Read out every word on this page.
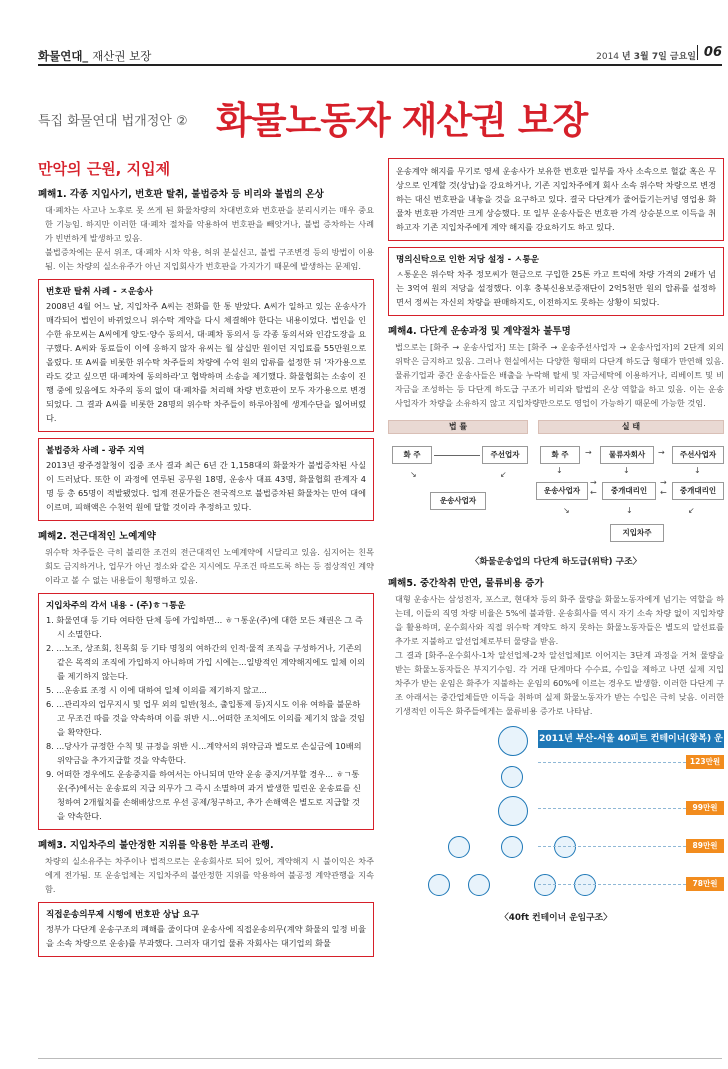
화물연대_ 재산권 보장	2014 년 3월 7일 금요일 06
특집 화물연대 법개정안 ② 화물노동자 재산권 보장
만악의 근원, 지입제
폐해1. 각종 지입사기, 번호판 탈취, 불법증차 등 비리와 불법의 온상
대·폐차는 사고나 노후로 못 쓰게 된 화물차량의 차대번호와 번호판을 분리시키는 매우 중요한 기능임. 하지만 이러한 대·폐차 절차를 악용하여 번호판을 빼앗거나, 불법 증차하는 사례가 빈번하게 발생하고 있음.
불법증차에는 문서 위조, 대·폐차 시차 악용, 허위 분실신고, 불법 구조변경 등의 방법이 이용됨. 이는 차량의 실소유주가 아닌 지입회사가 번호판을 가지가기 때문에 발생하는 문제임.
번호판 탈취 사례 - ㅈ운송사
2008년 4월 어느 날, 지입차주 A씨는 전화를 한 통 받았다. A씨가 일하고 있는 운송사가 매각되어 법인이 바뀌었으니 위수탁 계약을 다시 체결해야 한다는 내용이었다. 법인을 인수한 유모씨는 A씨에게 양도·양수 동의서, 대·폐차 동의서 등 각종 동의서와 인감도장을 요구했다. A씨와 동료들이 이에 응하지 않자 유씨는 월 삼십만 원이던 지입료를 55만원으로 올렸다. 또 A씨를 비롯한 위수탁 차주들의 차량에 수억 원의 압류를 설정한 뒤 '자가용으로라도 갖고 싶으면 대·폐차에 동의하라'고 협박하며 소송을 제기했다. 화물협회는 소송이 진행 중에 있음에도 차주의 동의 없이 대·폐차를 처리해 차량 번호판이 모두 자가용으로 변경되었다. 그 결과 A씨를 비롯한 28명의 위수탁 차주들이 하루아침에 생계수단을 잃어버렸다.
불법증차 사례 - 광주 지역
2013년 광주경찰청이 집중 조사 결과 최근 6년 간 1,158대의 화물차가 불법증차된 사실이 드러났다. 또한 이 과정에 연루된 공무원 18명, 운송사 대표 43명, 화물협회 관계자 4명 등 총 65명이 적발됐었다. 업계 전문가들은 전국적으로 불법증차된 화물차는 만여 대에 이르며, 피해액은 수천억 원에 달할 것이라 추정하고 있다.
폐해2. 전근대적인 노예계약
위수탁 차주들은 극히 불리한 조건의 전근대적인 노예계약에 시달리고 있음. 심지어는 친목회도 금지하거나, 업무가 아닌 정소와 같은 지시에도 무조건 따르도록 하는 등 점상적인 계약이라고 볼 수 없는 내용들이 횡행하고 있음.
지입차주의 각서 내용 - (주)ㅎㄱ통운
1. 화물연대 등 기타 여타한 단체 등에 가입하면... ㅎㄱ통운(주)에 대한 모든 채권은 그 즉시 소멸한다.
2. ...노조, 상조회, 친목회 등 기타 명칭의 여하간의 인적·물적 조직을 구성하거나, 기존의 같은 목적의 조직에 가입하지 아니하며 가입 시에는...일방적인 계약해지에도 일체 이의를 제기하지 않는다.
5. ...운송료 조정 시 이에 대하여 일체 이의를 제기하지 않고...
6. ...관리자의 업무지시 및 업무 외의 일반(청소, 출입통제 등)지시도 이유 여하를 불문하고 무조건 따를 것을 약속하며 이를 위반 시...어떠한 조치에도 이의를 제기치 않을 것임을 확약한다.
8. ...당사가 규정한 수칙 및 규정을 위반 시...계약서의 위약금과 별도로 손실금에 10배의 위약금을 추가지급할 것을 약속한다.
9. 어떠한 경우에도 운송중지를 하여서는 아니되며 만약 운송 중지/거부할 경우... ㅎㄱ통운(주)에서는 운송료의 지급 의무가 그 즉시 소멸하며 과거 발생한 밀린운 운송료를 신청하여 2개월치를 손해배상으로 우선 공제/청구하고, 추가 손해액은 별도로 지급할 것을 약속한다.
폐해3. 지입차주의 불안정한 지위를 악용한 부조리 관행.
차량의 실소유주는 차주이나 법적으로는 운송회사로 되어 있어, 계약해지 시 불이익은 차주에게 전가됨. 또 운송업체는 지입차주의 불안정한 지위를 악용하여 불공정 계약관행을 지속함.
직접운송의무제 시행에 번호판 상납 요구
정부가 다단계 운송구조의 폐해를 줄이다며 운송사에 직접운송의무(계약 화물의 일정 비율을 소속 차량으로 운송)를 부과했다. 그러자 대기업 물류 자회사는 대기업의 화물
운송계약 해지를 무기로 영세 운송사가 보유한 번호판 일부를 자사 소속으로 헐값 혹은 무상으로 인계할 것(상납)을 강요하거나, 기존 지입차주에게 회사 소속 위수탁 차량으로 변경하는 대신 번호판을 내놓을 것을 요구하고 있다. 결국 다단계가 줄어들기는커녕 영업용 화물차 번호판 가격만 크게 상승했다. 또 일부 운송사들은 번호판 가격 상승분으로 이득을 취하고자 기존 지입차주에게 계약 해지를 강요하기도 하고 있다.
명의신탁으로 인한 저당 설정 - ㅅ통운
ㅅ통운은 위수탁 차주 정모씨가 현금으로 구입한 25톤 카고 트럭에 차량 가격의 2배가 넘는 3억여 원의 저당을 설정했다. 이후 충북신용보증재단이 2억5천만 원의 압류를 설정하면서 정씨는 자신의 차량을 판매하지도, 이전하지도 못하는 상황이 되었다.
폐해4. 다단계 운송과정 및 계약절차 불투명
법으로는 [화주 → 운송사업자] 또는 [화주 → 운송주선사업자 → 운송사업자]의 2단계 외의 위탁은 금지하고 있음. 그러나 현실에서는 다양한 형태의 다단계 하도급 형태가 만연해 있음. 물류기업과 중간 운송사들은 배출을 누락해 탈세 및 자금세탁에 이용하거나, 리베이트 및 비자금을 조성하는 등 다단계 하도급 구조가 비리와 탈법의 온상 역할을 하고 있음. 이는 운송사업자가 차량을 소유하지 않고 지입차량만으로도 영업이 가능하기 때문에 가능한 것임.
법 률	실 태
화 주	주선업자
↘	↙
운송사업자
화 주	→	물류자회사	→	주선사업자
↓	↓	↓
운송사업자
→
←	중개대리인
→
←	중개대리인
↘	↓	↙
지입차주
〈화물운송업의 다단계 하도급(위탁) 구조〉
폐해5. 중간착취 만연, 물류비용 증가
대형 운송사는 삼성전자, 포스코, 현대차 등의 화주 물량을 화물노동자에게 넘기는 역할을 하는데, 이들의 직영 차량 비율은 5%에 불과함. 운송회사를 역시 자기 소속 차량 없이 지입차량을 활용하며, 운수회사와 직접 위수탁 계약도 하지 못하는 화물노동자들은 별도의 알선료를 추가로 지불하고 알선업체로부터 물량을 받음.
그 결과 [화주-운수회사-1차 알선업체-2차 알선업체]로 이어지는 3단계 과정을 거쳐 물량을 받는 화물노동자들은 부지기수임. 각 거래 단계마다 수수료, 수입을 제하고 나면 실제 지입 차주가 받는 운임은 화주가 지불하는 운임의 60%에 이르는 경우도 발생함. 이러한 다단계 구조 아래서는 중간업체들만 이득을 취하며 실제 화물노동자가 받는 수입은 극히 낮음. 이러한 기생적인 이득은 화주들에게는 물류비용 증가로 나타남.
2011년 부산-서울 40피트 컨테이너(왕복) 운임	123만원
99만원
89만원
78만원
〈40ft 컨테이너 운임구조〉
